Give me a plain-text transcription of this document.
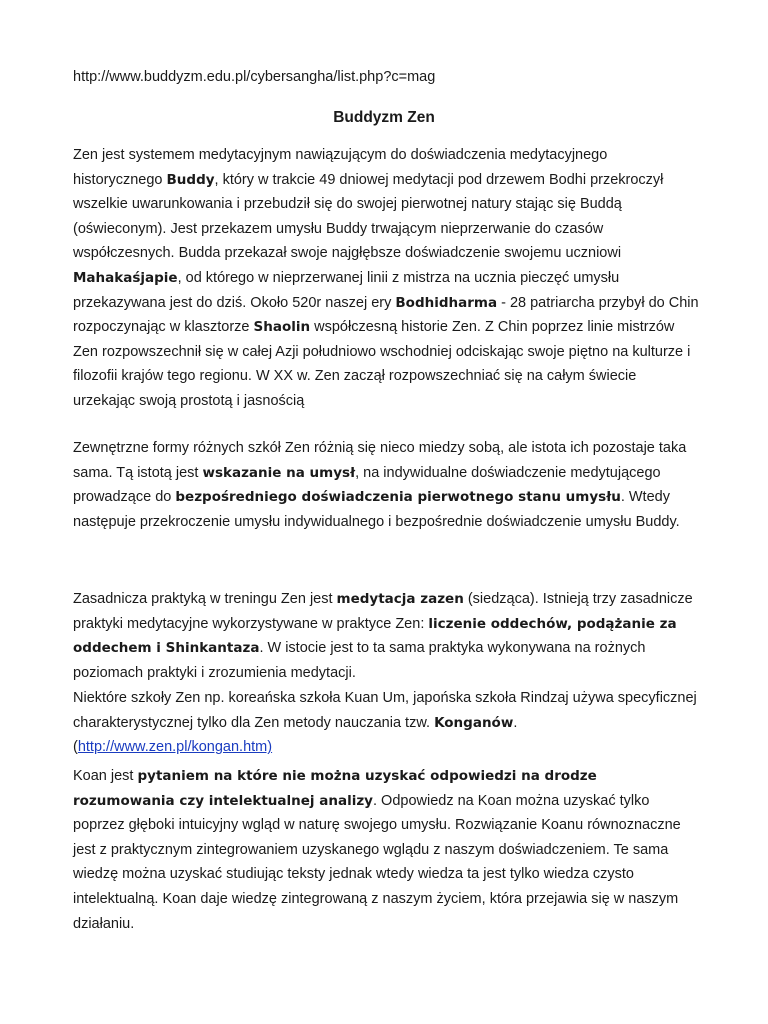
http://www.buddyzm.edu.pl/cybersangha/list.php?c=mag
Buddyzm Zen
Zen jest systemem medytacyjnym nawiązującym do doświadczenia medytacyjnego historycznego Buddy, który w trakcie 49 dniowej medytacji pod drzewem Bodhi przekroczył wszelkie uwarunkowania i przebudził się do swojej pierwotnej natury stając się Buddą (oświeconym). Jest przekazem umysłu Buddy trwającym nieprzerwanie do czasów współczesnych. Budda przekazał swoje najgłębsze doświadczenie swojemu uczniowi Mahakaśjapie, od którego w nieprzerwanej linii z mistrza na ucznia pieczęć umysłu przekazywana jest do dziś. Około 520r naszej ery Bodhidharma - 28 patriarcha przybył do Chin rozpoczynając w klasztorze Shaolin współczesną historie Zen. Z Chin poprzez linie mistrzów Zen rozpowszechnił się w całej Azji południowo wschodniej odciskając swoje piętno na kulturze i filozofii krajów tego regionu. W XX w. Zen zaczął rozpowszechniać się na całym świecie urzekając swoją prostotą i jasnością
Zewnętrzne formy różnych szkół Zen różnią się nieco miedzy sobą, ale istota ich pozostaje taka sama. Tą istotą jest wskazanie na umysł, na indywidualne doświadczenie medytującego prowadzące do bezpośredniego doświadczenia pierwotnego stanu umysłu. Wtedy następuje przekroczenie umysłu indywidualnego i bezpośrednie doświadczenie umysłu Buddy.
Zasadnicza praktyką w treningu Zen jest medytacja zazen (siedząca). Istnieją trzy zasadnicze praktyki medytacyjne wykorzystywane w praktyce Zen: liczenie oddechów, podążanie za oddechem i Shinkantaza. W istocie jest to ta sama praktyka wykonywana na rożnych poziomach praktyki i zrozumienia medytacji.
Niektóre szkoły Zen np. koreańska szkoła Kuan Um, japońska szkoła Rindzaj używa specyficznej charakterystycznej tylko dla Zen metody nauczania tzw. Konganów. (http://www.zen.pl/kongan.htm)
Koan jest pytaniem na które nie można uzyskać odpowiedzi na drodze rozumowania czy intelektualnej analizy. Odpowiedz na Koan można uzyskać tylko poprzez głęboki intuicyjny wgląd w naturę swojego umysłu. Rozwiązanie Koanu równoznaczne jest z praktycznym zintegrowaniem uzyskanego wglądu z naszym doświadczeniem. Te sama wiedzę można uzyskać studiując teksty jednak wtedy wiedza ta jest tylko wiedza czysto intelektualną. Koan daje wiedzę zintegrowaną z naszym życiem, która przejawia się w naszym działaniu.
